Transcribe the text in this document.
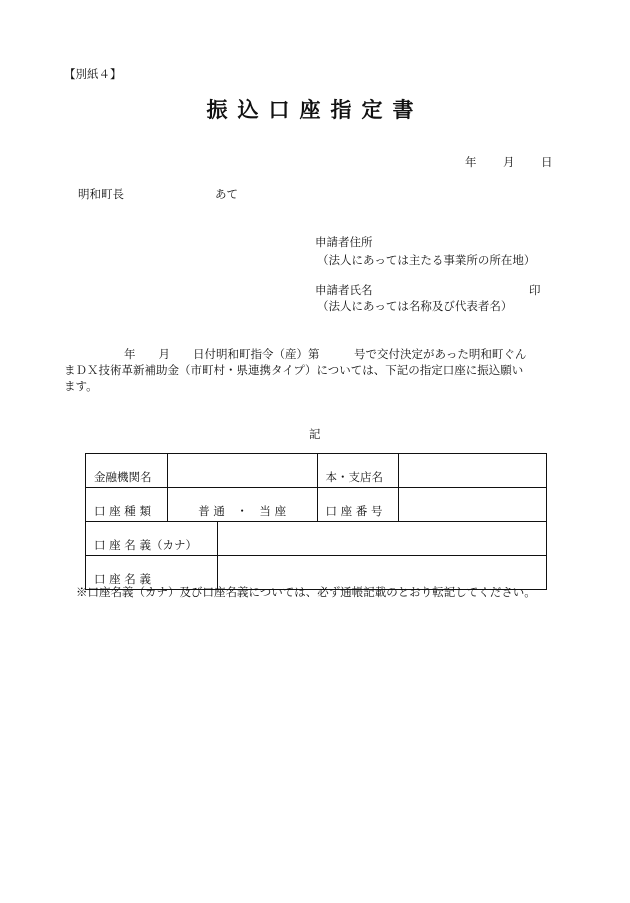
【別紙４】
振込口座指定書
年 月 日
明和町長	あて
申請者住所
（法人にあっては主たる事業所の所在地）
申請者氏名	印
（法人にあっては名称及び代表者名）
年　　月　　日付明和町指令（産）第　　　号で交付決定があった明和町ぐん
まＤＸ技術革新補助金（市町村・県連携タイプ）については、下記の指定口座に振込願い
ます。
記
金融機関名			本・支店名	
口 座 種 類	普 通　・　当 座		口 座 番 号	
口 座 名 義（カナ）				
口 座 名 義				
※口座名義（カナ）及び口座名義については、必ず通帳記載のとおり転記してください。
